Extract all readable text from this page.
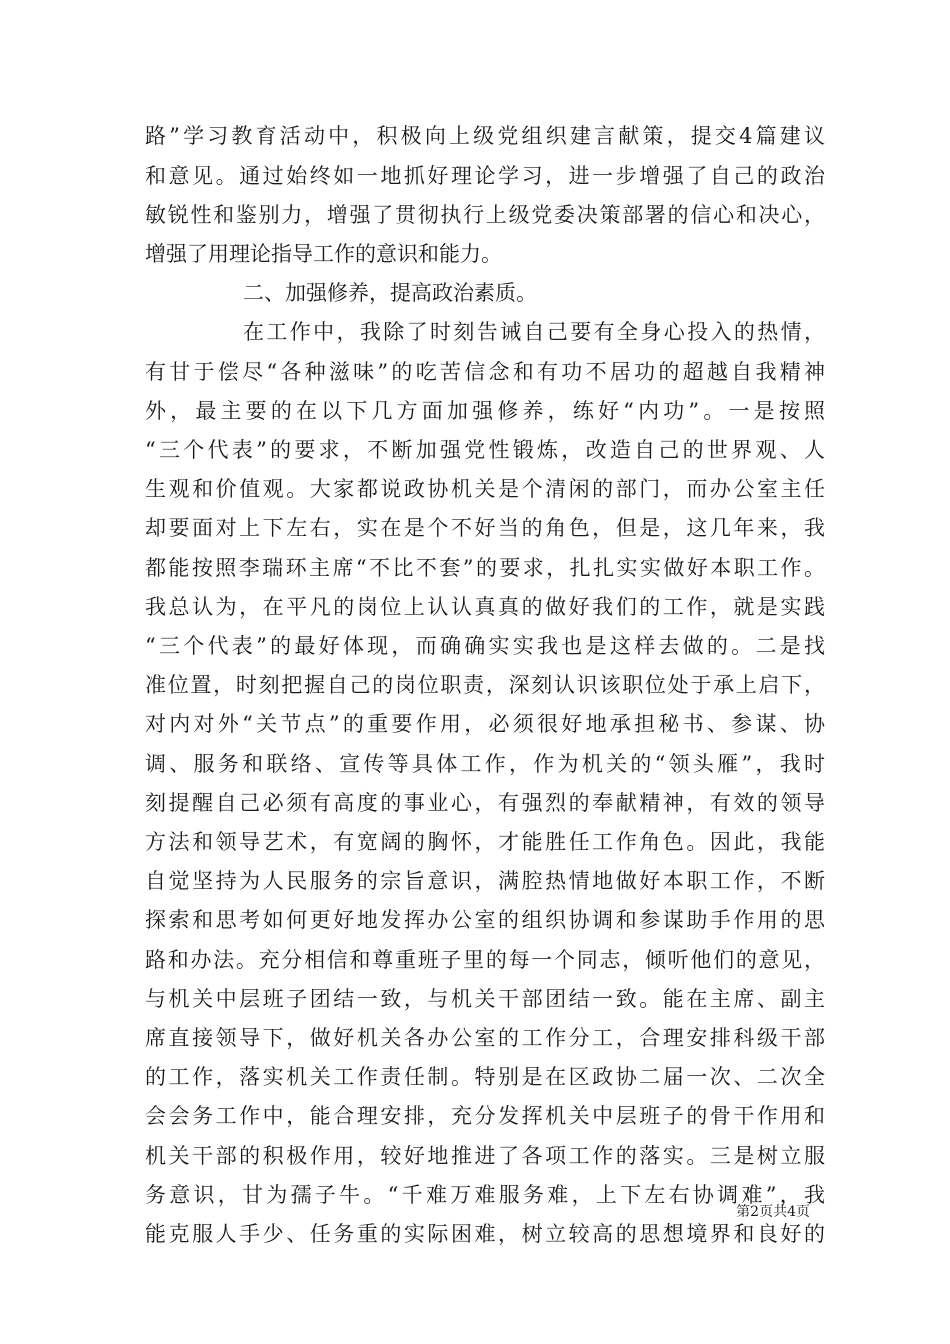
路”学习教育活动中，积极向上级党组织建言献策，提交4篇建议
和意见。通过始终如一地抓好理论学习，进一步增强了自己的政治
敏锐性和鉴别力，增强了贯彻执行上级党委决策部署的信心和决心，
增强了用理论指导工作的意识和能力。
二、加强修养，提高政治素质。
在工作中，我除了时刻告诫自己要有全身心投入的热情，
有甘于偿尽“各种滋味”的吃苦信念和有功不居功的超越自我精神
外，最主要的在以下几方面加强修养，练好“内功”。一是按照
“三个代表”的要求，不断加强党性锻炼，改造自己的世界观、人
生观和价值观。大家都说政协机关是个清闲的部门，而办公室主任
却要面对上下左右，实在是个不好当的角色，但是，这几年来，我
都能按照李瑞环主席“不比不套”的要求，扎扎实实做好本职工作。
我总认为，在平凡的岗位上认认真真的做好我们的工作，就是实践
“三个代表”的最好体现，而确确实实我也是这样去做的。二是找
准位置，时刻把握自己的岗位职责，深刻认识该职位处于承上启下，
对内对外“关节点”的重要作用，必须很好地承担秘书、参谋、协
调、服务和联络、宣传等具体工作，作为机关的“领头雁”，我时
刻提醒自己必须有高度的事业心，有强烈的奉献精神，有效的领导
方法和领导艺术，有宽阔的胸怀，才能胜任工作角色。因此，我能
自觉坚持为人民服务的宗旨意识，满腔热情地做好本职工作，不断
探索和思考如何更好地发挥办公室的组织协调和参谋助手作用的思
路和办法。充分相信和尊重班子里的每一个同志，倾听他们的意见，
与机关中层班子团结一致，与机关干部团结一致。能在主席、副主
席直接领导下，做好机关各办公室的工作分工，合理安排科级干部
的工作，落实机关工作责任制。特别是在区政协二届一次、二次全
会会务工作中，能合理安排，充分发挥机关中层班子的骨干作用和
机关干部的积极作用，较好地推进了各项工作的落实。三是树立服
务意识，甘为孺子牛。“千难万难服务难，上下左右协调难”，我
能克服人手少、任务重的实际困难，树立较高的思想境界和良好的
第2页共4页
